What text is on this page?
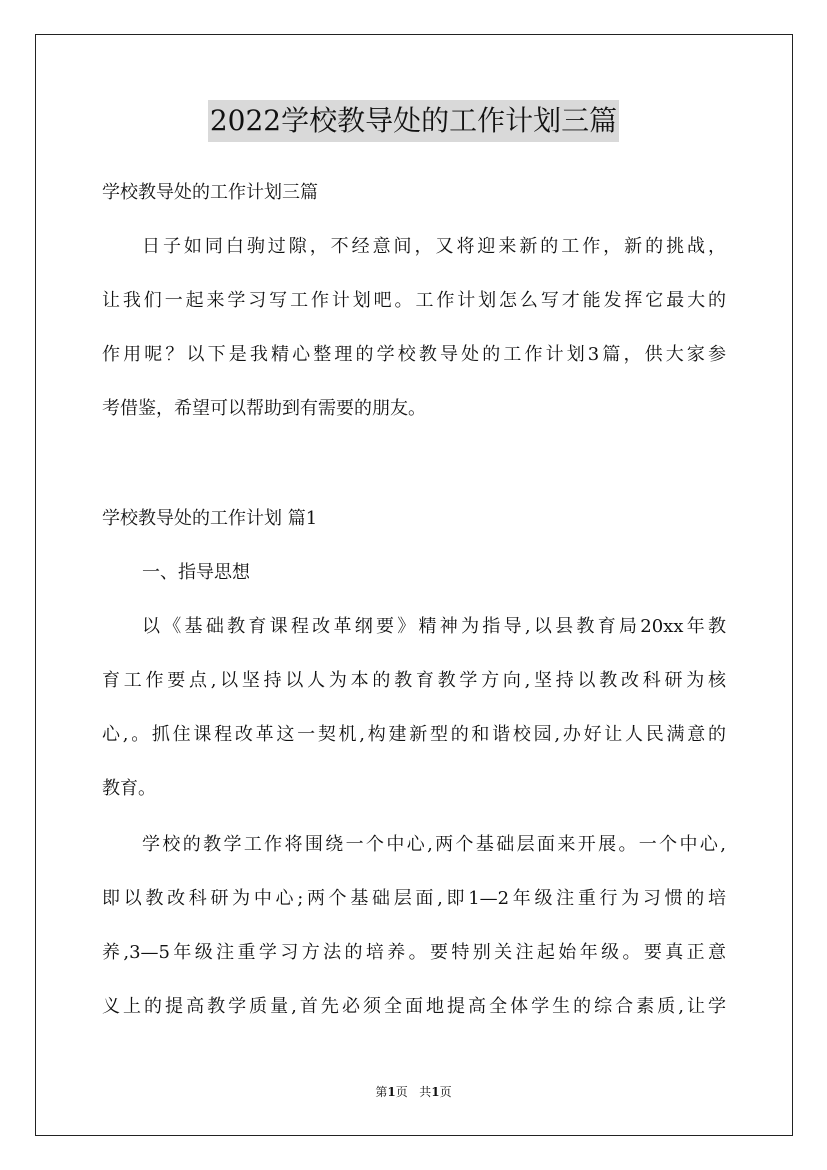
2022学校教导处的工作计划三篇

学校教导处的工作计划三篇

日子如同白驹过隙，不经意间，又将迎来新的工作，新的挑战，

让我们一起来学习写工作计划吧。工作计划怎么写才能发挥它最大的

作用呢？以下是我精心整理的学校教导处的工作计划3篇，供大家参

考借鉴，希望可以帮助到有需要的朋友。

学校教导处的工作计划 篇1

一、指导思想

以《基础教育课程改革纲要》精神为指导,以县教育局20xx年教

育工作要点,以坚持以人为本的教育教学方向,坚持以教改科研为核

心,。抓住课程改革这一契机,构建新型的和谐校园,办好让人民满意的

教育。

学校的教学工作将围绕一个中心,两个基础层面来开展。一个中心,

即以教改科研为中心;两个基础层面,即1—2年级注重行为习惯的培

养,3—5年级注重学习方法的培养。要特别关注起始年级。要真正意

义上的提高教学质量,首先必须全面地提高全体学生的综合素质,让学

第1页 共1页
